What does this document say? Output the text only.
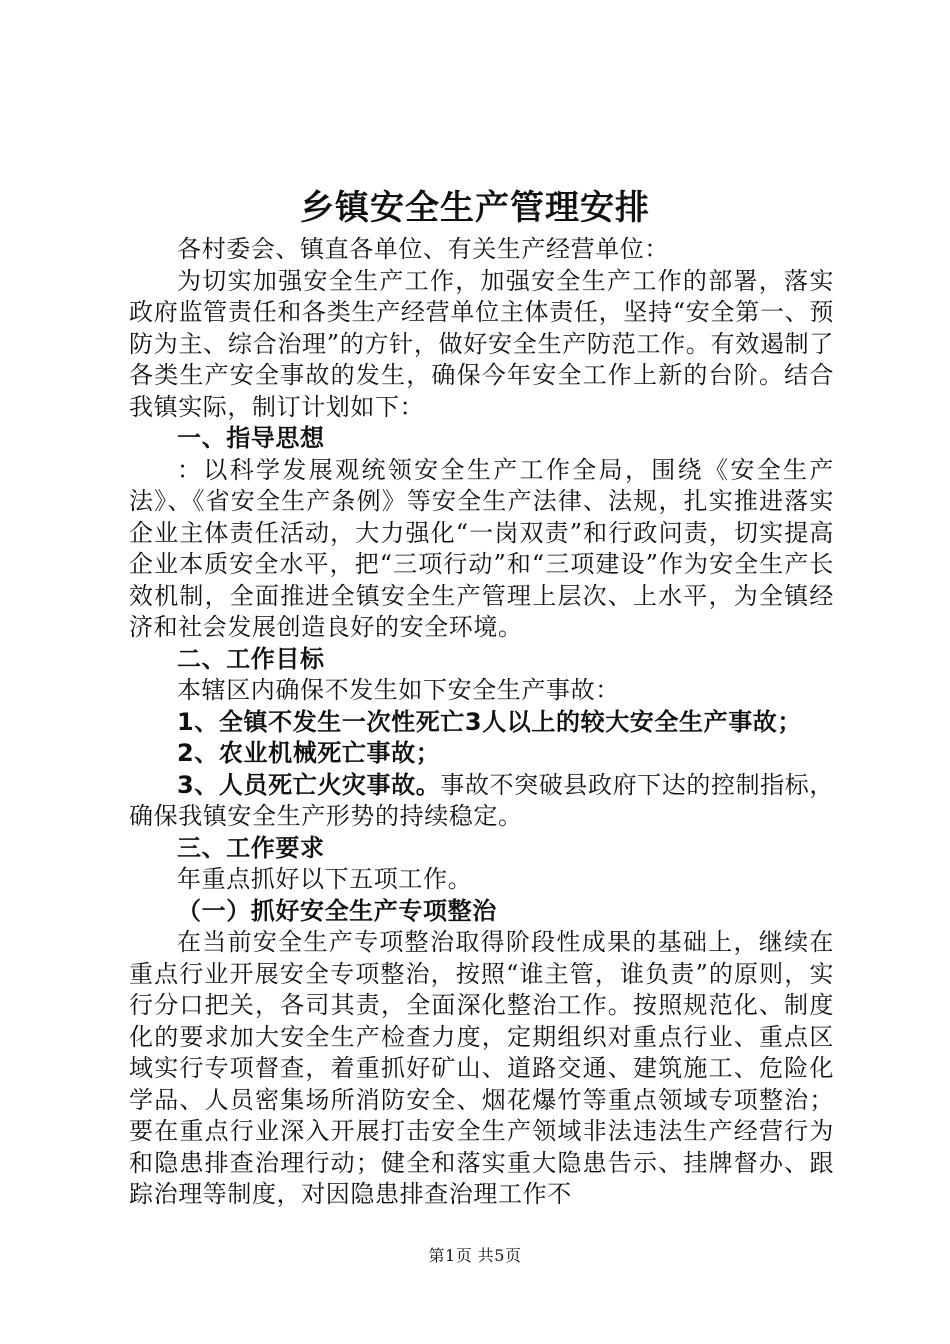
乡镇安全生产管理安排

各村委会、镇直各单位、有关生产经营单位：

为切实加强安全生产工作，加强安全生产工作的部署，落实政府监管责任和各类生产经营单位主体责任，坚持“安全第一、预防为主、综合治理”的方针，做好安全生产防范工作。有效遏制了各类生产安全事故的发生，确保今年安全工作上新的台阶。结合我镇实际，制订计划如下：

一、指导思想

：以科学发展观统领安全生产工作全局，围绕《安全生产法》、《省安全生产条例》等安全生产法律、法规，扎实推进落实企业主体责任活动，大力强化“一岗双责”和行政问责，切实提高企业本质安全水平，把“三项行动”和“三项建设”作为安全生产长效机制，全面推进全镇安全生产管理上层次、上水平，为全镇经济和社会发展创造良好的安全环境。

二、工作目标

本辖区内确保不发生如下安全生产事故：

1、全镇不发生一次性死亡3人以上的较大安全生产事故；

2、农业机械死亡事故；

3、人员死亡火灾事故。事故不突破县政府下达的控制指标，确保我镇安全生产形势的持续稳定。

三、工作要求

年重点抓好以下五项工作。

（一）抓好安全生产专项整治

在当前安全生产专项整治取得阶段性成果的基础上，继续在重点行业开展安全专项整治，按照“谁主管，谁负责”的原则，实行分口把关，各司其责，全面深化整治工作。按照规范化、制度化的要求加大安全生产检查力度，定期组织对重点行业、重点区域实行专项督查，着重抓好矿山、道路交通、建筑施工、危险化学品、人员密集场所消防安全、烟花爆竹等重点领域专项整治；要在重点行业深入开展打击安全生产领域非法违法生产经营行为和隐患排查治理行动；健全和落实重大隐患告示、挂牌督办、跟踪治理等制度，对因隐患排查治理工作不

第1页 共5页
